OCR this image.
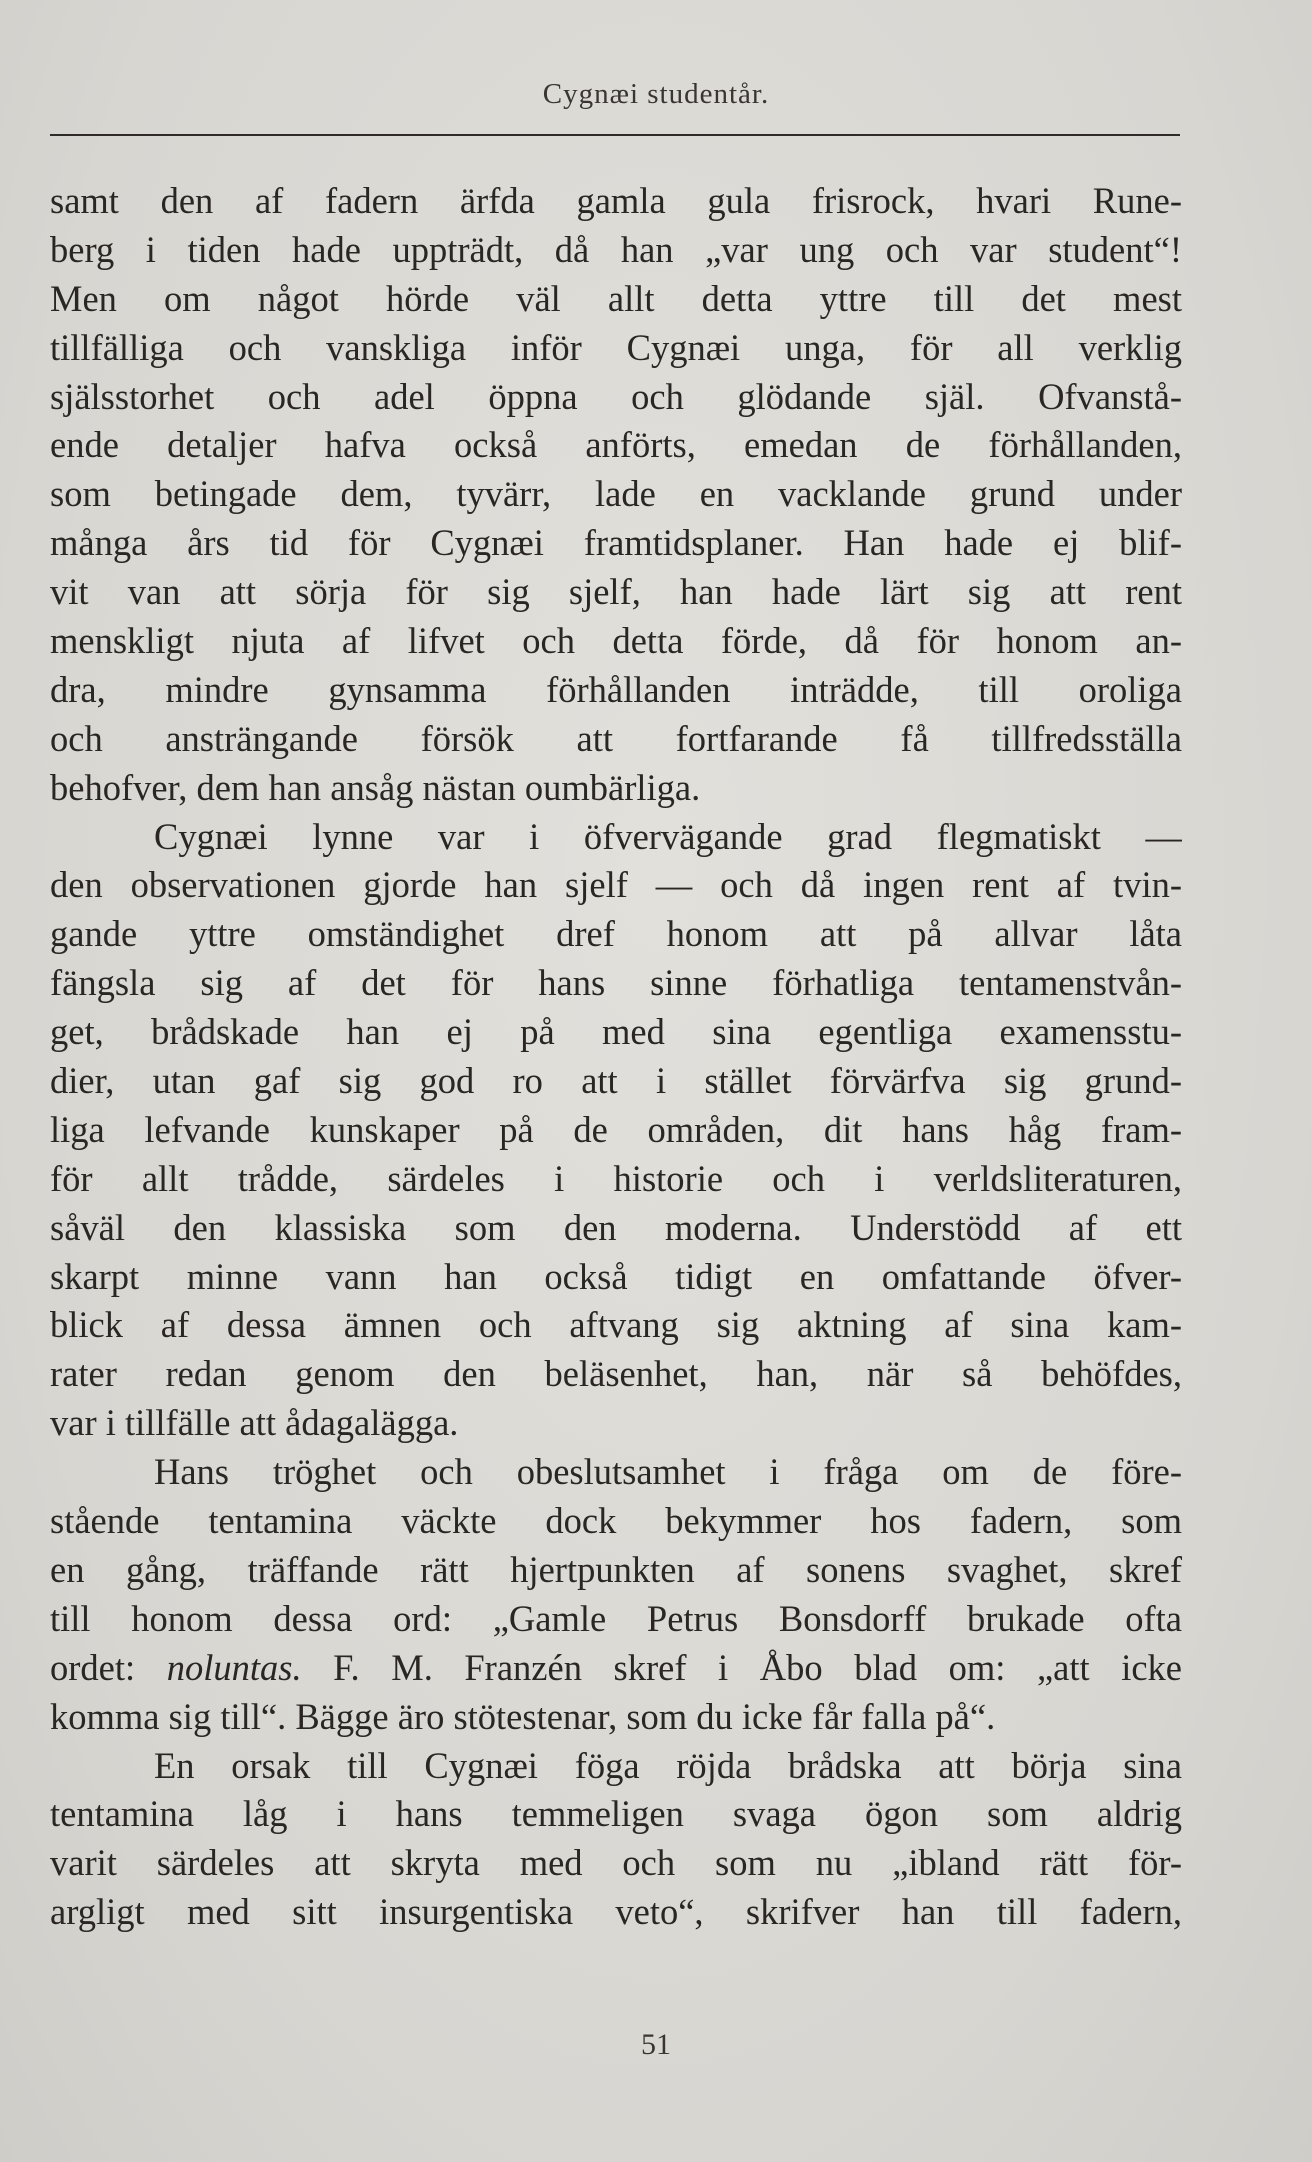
Cygnæi studentår.
samt den af fadern ärfda gamla gula frisrock, hvari Rune-
berg i tiden hade uppträdt, då han „var ung och var student“!
Men om något hörde väl allt detta yttre till det mest
tillfälliga och vanskliga inför Cygnæi unga, för all verklig
själsstorhet och adel öppna och glödande själ. Ofvanstå-
ende detaljer hafva också anförts, emedan de förhållanden,
som betingade dem, tyvärr, lade en vacklande grund under
många års tid för Cygnæi framtidsplaner. Han hade ej blif-
vit van att sörja för sig sjelf, han hade lärt sig att rent
menskligt njuta af lifvet och detta förde, då för honom an-
dra, mindre gynsamma förhållanden inträdde, till oroliga
och ansträngande försök att fortfarande få tillfredsställa
behofver, dem han ansåg nästan oumbärliga.
Cygnæi lynne var i öfvervägande grad flegmatiskt —
den observationen gjorde han sjelf — och då ingen rent af tvin-
gande yttre omständighet dref honom att på allvar låta
fängsla sig af det för hans sinne förhatliga tentamenstvån-
get, brådskade han ej på med sina egentliga examensstu-
dier, utan gaf sig god ro att i stället förvärfva sig grund-
liga lefvande kunskaper på de områden, dit hans håg fram-
för allt trådde, särdeles i historie och i verldsliteraturen,
såväl den klassiska som den moderna. Understödd af ett
skarpt minne vann han också tidigt en omfattande öfver-
blick af dessa ämnen och aftvang sig aktning af sina kam-
rater redan genom den beläsenhet, han, när så behöfdes,
var i tillfälle att ådagalägga.
Hans tröghet och obeslutsamhet i fråga om de före-
stående tentamina väckte dock bekymmer hos fadern, som
en gång, träffande rätt hjertpunkten af sonens svaghet, skref
till honom dessa ord: „Gamle Petrus Bonsdorff brukade ofta
ordet: noluntas. F. M. Franzén skref i Åbo blad om: „att icke
komma sig till“. Bägge äro stötestenar, som du icke får falla på“.
En orsak till Cygnæi föga röjda brådska att börja sina
tentamina låg i hans temmeligen svaga ögon som aldrig
varit särdeles att skryta med och som nu „ibland rätt för-
argligt med sitt insurgentiska veto“, skrifver han till fadern,
51
